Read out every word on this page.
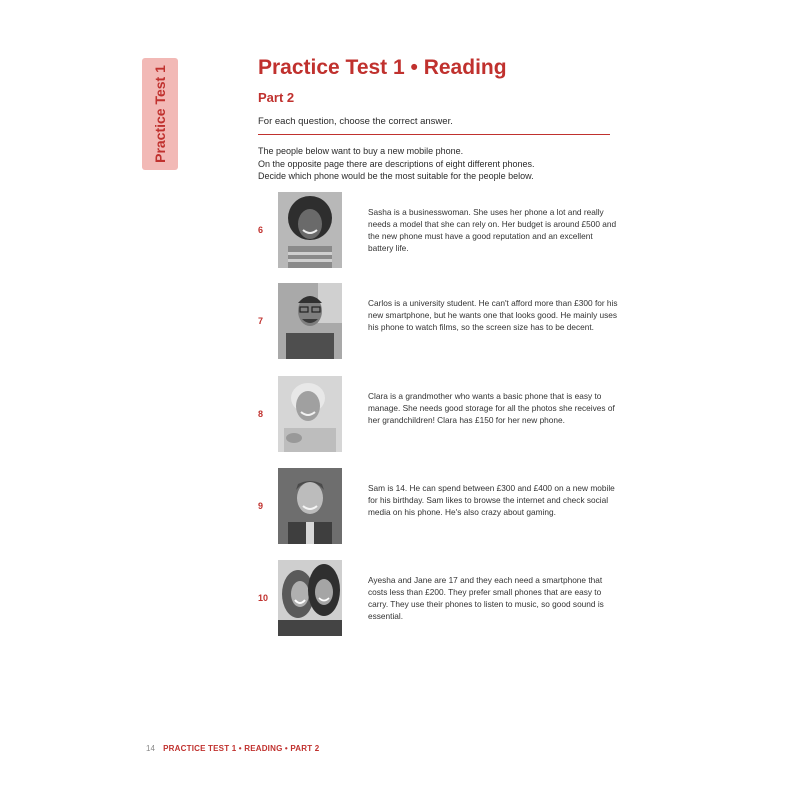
Practice Test 1	Practice Test 1 • Reading
Part 2
For each question, choose the correct answer.
The people below want to buy a new mobile phone.
On the opposite page there are descriptions of eight different phones.
Decide which phone would be the most suitable for the people below.
6
Sasha is a businesswoman. She uses her phone a lot and really needs a model that she can rely on. Her budget is around £500 and the new phone must have a good reputation and an excellent battery life.
7
Carlos is a university student. He can't afford more than £300 for his new smartphone, but he wants one that looks good. He mainly uses his phone to watch films, so the screen size has to be decent.
8
Clara is a grandmother who wants a basic phone that is easy to manage. She needs good storage for all the photos she receives of her grandchildren! Clara has £150 for her new phone.
9
Sam is 14. He can spend between £300 and £400 on a new mobile for his birthday. Sam likes to browse the internet and check social media on his phone. He's also crazy about gaming.
10
Ayesha and Jane are 17 and they each need a smartphone that costs less than £200. They prefer small phones that are easy to carry. They use their phones to listen to music, so good sound is essential.
14 PRACTICE TEST 1 • READING • PART 2
